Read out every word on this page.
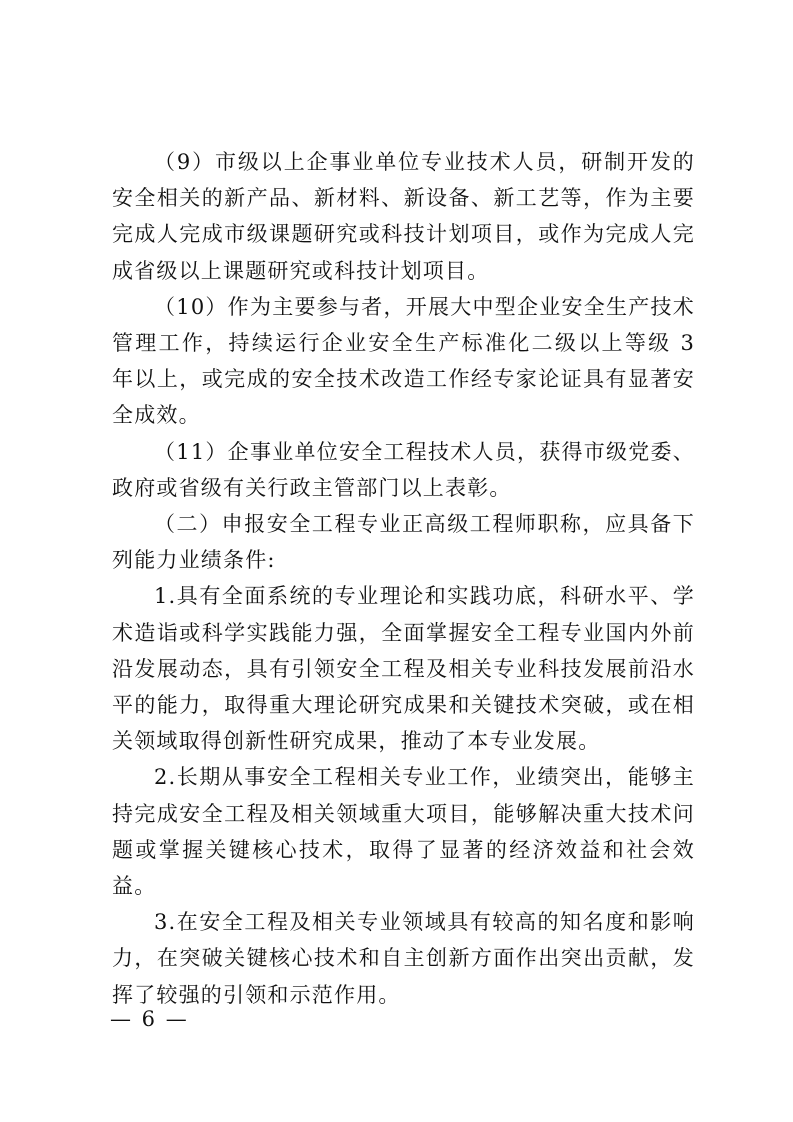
（9）市级以上企事业单位专业技术人员，研制开发的安全相关的新产品、新材料、新设备、新工艺等，作为主要完成人完成市级课题研究或科技计划项目，或作为完成人完成省级以上课题研究或科技计划项目。

（10）作为主要参与者，开展大中型企业安全生产技术管理工作，持续运行企业安全生产标准化二级以上等级 3 年以上，或完成的安全技术改造工作经专家论证具有显著安全成效。

（11）企事业单位安全工程技术人员，获得市级党委、政府或省级有关行政主管部门以上表彰。

（二）申报安全工程专业正高级工程师职称，应具备下列能力业绩条件:

1.具有全面系统的专业理论和实践功底，科研水平、学术造诣或科学实践能力强，全面掌握安全工程专业国内外前沿发展动态，具有引领安全工程及相关专业科技发展前沿水平的能力，取得重大理论研究成果和关键技术突破，或在相关领域取得创新性研究成果，推动了本专业发展。

2.长期从事安全工程相关专业工作，业绩突出，能够主持完成安全工程及相关领域重大项目，能够解决重大技术问题或掌握关键核心技术，取得了显著的经济效益和社会效益。

3.在安全工程及相关专业领域具有较高的知名度和影响力，在突破关键核心技术和自主创新方面作出突出贡献，发挥了较强的引领和示范作用。

— 6 —
